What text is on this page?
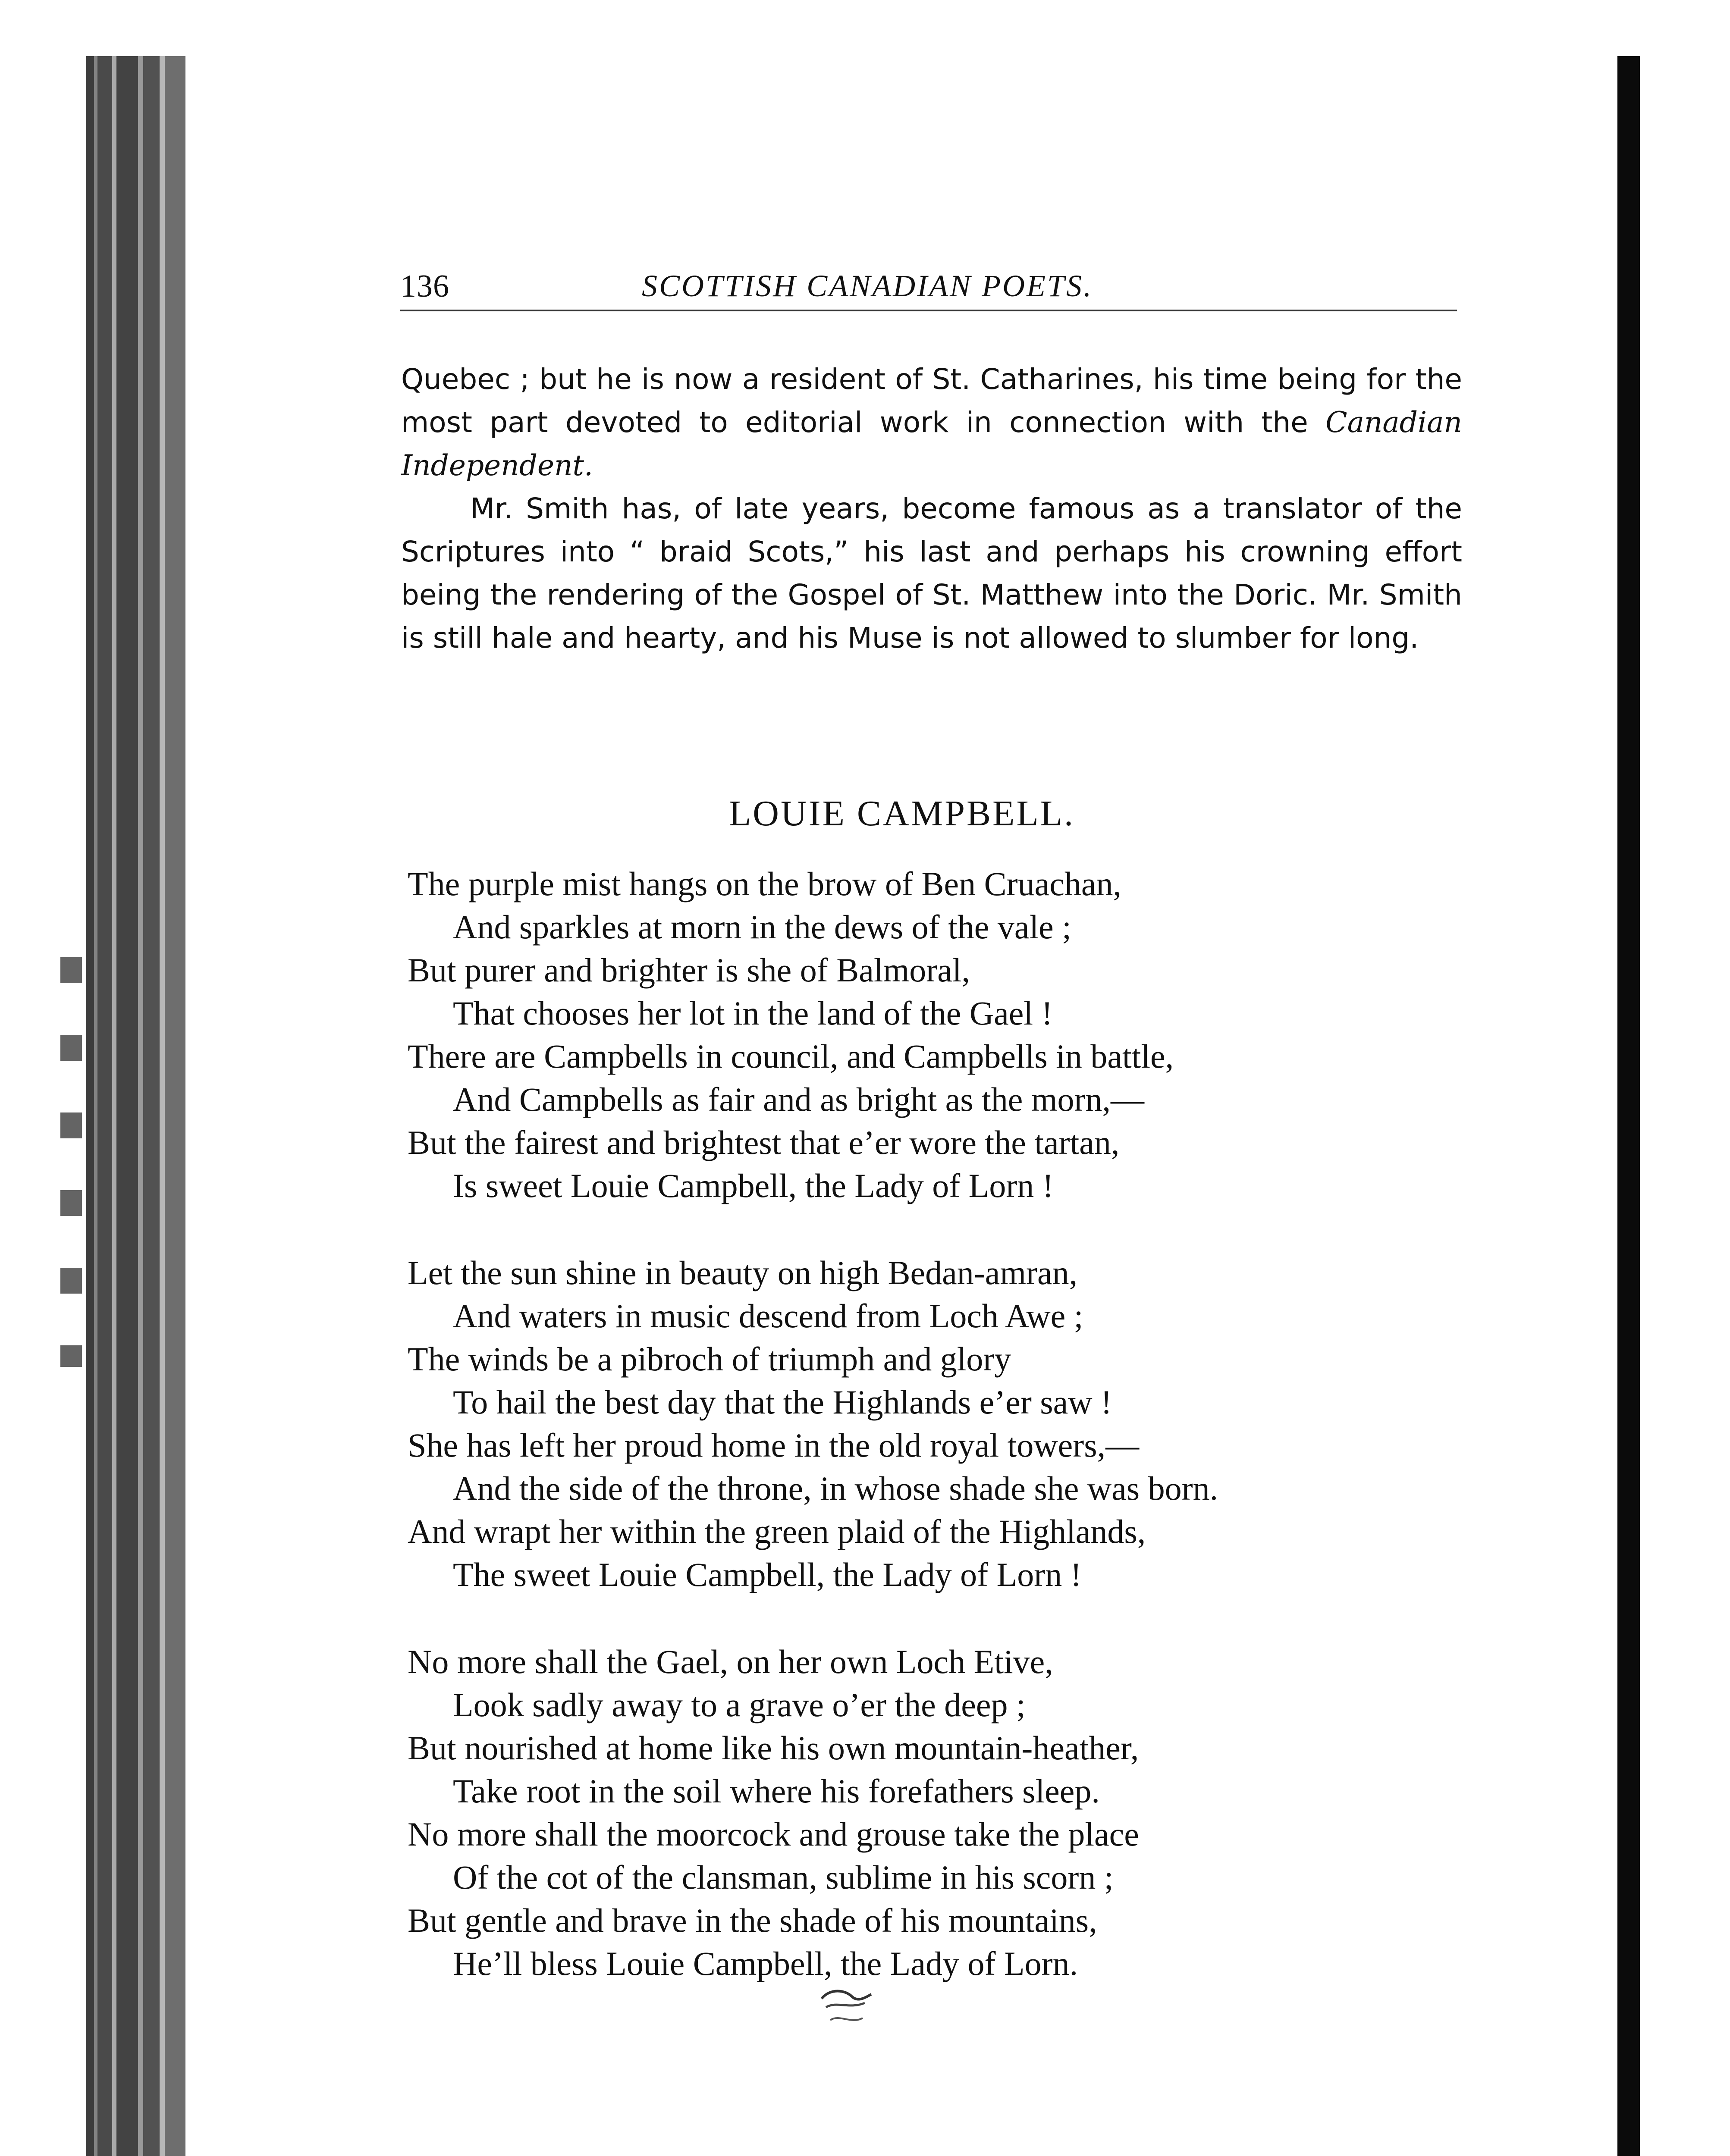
136	SCOTTISH CANADIAN POETS.

Quebec ; but he is now a resident of St. Catharines, his time being for the most part devoted to editorial work in connection with the Canadian Independent.

Mr. Smith has, of late years, become famous as a translator of the Scriptures into “ braid Scots,” his last and perhaps his crowning effort being the rendering of the Gospel of St. Matthew into the Doric. Mr. Smith is still hale and hearty, and his Muse is not allowed to slumber for long.

LOUIE CAMPBELL.
The purple mist hangs on the brow of Ben Cruachan,
And sparkles at morn in the dews of the vale ;
But purer and brighter is she of Balmoral,
That chooses her lot in the land of the Gael !
There are Campbells in council, and Campbells in battle,
And Campbells as fair and as bright as the morn,—
But the fairest and brightest that e’er wore the tartan,
Is sweet Louie Campbell, the Lady of Lorn !
Let the sun shine in beauty on high Bedan-amran,
And waters in music descend from Loch Awe ;
The winds be a pibroch of triumph and glory
To hail the best day that the Highlands e’er saw !
She has left her proud home in the old royal towers,—
And the side of the throne, in whose shade she was born.
And wrapt her within the green plaid of the Highlands,
The sweet Louie Campbell, the Lady of Lorn !
No more shall the Gael, on her own Loch Etive,
Look sadly away to a grave o’er the deep ;
But nourished at home like his own mountain-heather,
Take root in the soil where his forefathers sleep.
No more shall the moorcock and grouse take the place
Of the cot of the clansman, sublime in his scorn ;
But gentle and brave in the shade of his mountains,
He’ll bless Louie Campbell, the Lady of Lorn.
